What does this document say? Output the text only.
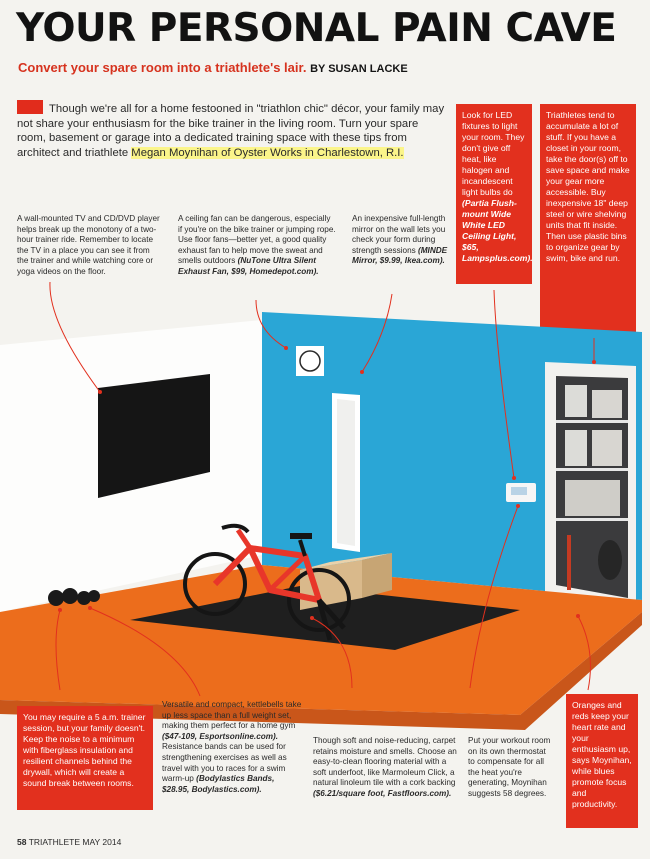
YOUR PERSONAL PAIN CAVE
Convert your spare room into a triathlete's lair. BY SUSAN LACKE
Though we're all for a home festooned in "triathlon chic" décor, your family may not share your enthusiasm for the bike trainer in the living room. Turn your spare room, basement or garage into a dedicated training space with these tips from architect and triathlete Megan Moynihan of Oyster Works in Charlestown, R.I.
Look for LED fixtures to light your room. They don't give off heat, like halogen and incandescent light bulbs do (Partia Flush-mount Wide White LED Ceiling Light, $65, Lampsplus.com).
Triathletes tend to accumulate a lot of stuff. If you have a closet in your room, take the door(s) off to save space and make your gear more accessible. Buy inexpensive 18" deep steel or wire shelving units that fit inside. Then use plastic bins to organize gear by swim, bike and run.
A wall-mounted TV and CD/DVD player helps break up the monotony of a two-hour trainer ride. Remember to locate the TV in a place you can see it from the trainer and while watching core or yoga videos on the floor.
A ceiling fan can be dangerous, especially if you're on the bike trainer or jumping rope. Use floor fans—better yet, a good quality exhaust fan to help move the sweat and smells outdoors (NuTone Ultra Silent Exhaust Fan, $99, Homedepot.com).
An inexpensive full-length mirror on the wall lets you check your form during strength sessions (MINDE Mirror, $9.99, Ikea.com).
You may require a 5 a.m. trainer session, but your family doesn't. Keep the noise to a minimum with fiberglass insulation and resilient channels behind the drywall, which will create a sound break between rooms.
Versatile and compact, kettlebells take up less space than a full weight set, making them perfect for a home gym ($47-109, Esportsonline.com). Resistance bands can be used for strengthening exercises as well as travel with you to races for a swim warm-up (Bodylastics Bands, $28.95, Bodylastics.com).
Though soft and noise-reducing, carpet retains moisture and smells. Choose an easy-to-clean flooring material with a soft underfoot, like Marmoleum Click, a natural linoleum tile with a cork backing ($6.21/square foot, Fastfloors.com).
Put your workout room on its own thermostat to compensate for all the heat you're generating, Moynihan suggests 58 degrees.
Oranges and reds keep your heart rate and your enthusiasm up, says Moynihan, while blues promote focus and productivity.
58 TRIATHLETE MAY 2014
